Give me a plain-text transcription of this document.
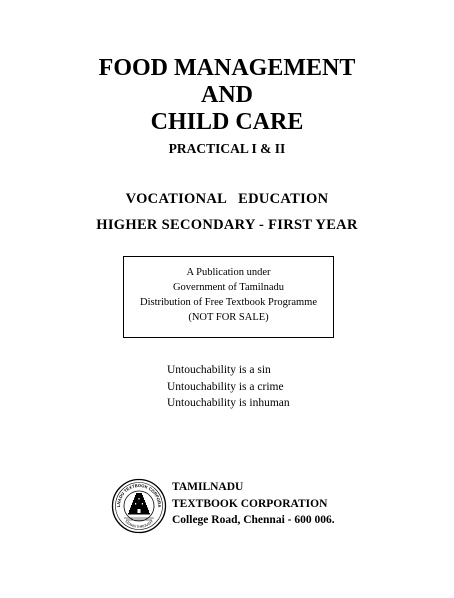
FOOD MANAGEMENT
AND
CHILD CARE
PRACTICAL I & II
VOCATIONAL   EDUCATION
HIGHER SECONDARY - FIRST YEAR
A Publication under
Government of Tamilnadu
Distribution of Free Textbook Programme
(NOT FOR SALE)
Untouchability is a sin
Untouchability is a crime
Untouchability is inhuman
LNADU TEXTBOOK CORPORA
LEARN THROUGH
TAMILNADU
TEXTBOOK CORPORATION
College Road, Chennai - 600 006.
